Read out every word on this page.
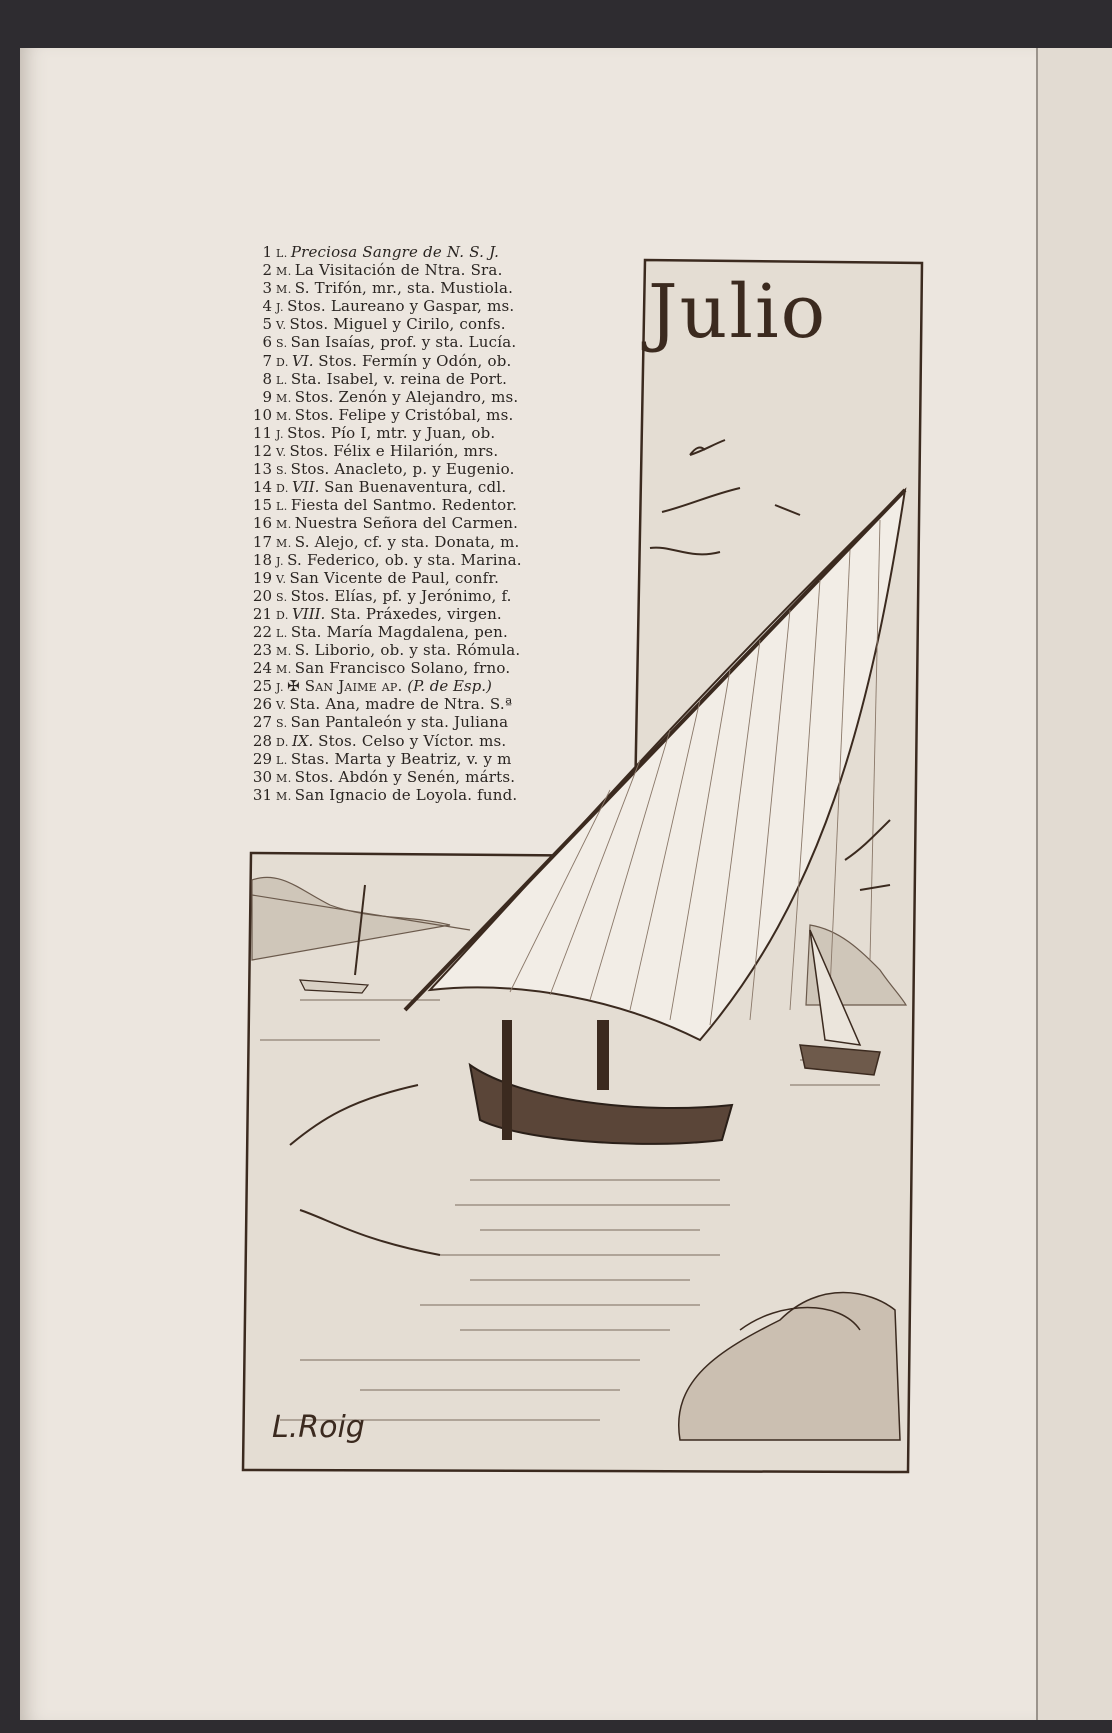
Julio
1 L. Preciosa Sangre de N. S. J.
2 M. La Visitación de Ntra. Sra.
3 M. S. Trifón, mr., sta. Mustiola.
4 J. Stos. Laureano y Gaspar, ms.
5 V. Stos. Miguel y Cirilo, confs.
6 S. San Isaías, prof. y sta. Lucía.
7 D. VI. Stos. Fermín y Odón, ob.
8 L. Sta. Isabel, v. reina de Port.
9 M. Stos. Zenón y Alejandro, ms.
10 M. Stos. Felipe y Cristóbal, ms.
11 J. Stos. Pío I, mtr. y Juan, ob.
12 V. Stos. Félix e Hilarión, mrs.
13 S. Stos. Anacleto, p. y Eugenio.
14 D. VII. San Buenaventura, cdl.
15 L. Fiesta del Santmo. Redentor.
16 M. Nuestra Señora del Carmen.
17 M. S. Alejo, cf. y sta. Donata, m.
18 J. S. Federico, ob. y sta. Marina.
19 V. San Vicente de Paul, confr.
20 S. Stos. Elías, pf. y Jerónimo, f.
21 D. VIII. Sta. Práxedes, virgen.
22 L. Sta. María Magdalena, pen.
23 M. S. Liborio, ob. y sta. Rómula.
24 M. San Francisco Solano, frno.
25 J. ✠ San Jaime ap. (P. de Esp.)
26 V. Sta. Ana, madre de Ntra. S.ª
27 S. San Pantaleón y sta. Juliana
28 D. IX. Stos. Celso y Víctor. ms.
29 L. Stas. Marta y Beatriz, v. y m
30 M. Stos. Abdón y Senén, márts.
31 M. San Ignacio de Loyola. fund.
L.Roig
